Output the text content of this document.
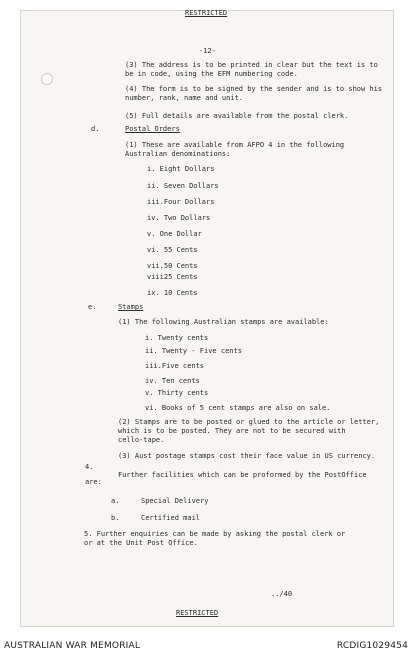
RESTRICTED
-12-
(3) The address is to be printed in clear but the text is to
be in code, using the EFM numbering code.
(4) The form is to be signed by the sender and is to show his
number, rank, name and unit.
(5) Full details are available from the postal clerk.
d.	Postal Orders
(1) These are available from AFPO 4 in the following
Australian denominations:
i. Eight Dollars
ii. Seven Dollars
iii.Four Dollars
iv. Two Dollars
v. One Dollar
vi. 55 Cents
vii.50 Cents
viii25 Cents
ix. 10 Cents
e.	Stamps
(1) The following Australian stamps are available:
i. Twenty cents
ii. Twenty - Five cents
iii.Five cents
iv. Ten cents
v. Thirty cents
vi. Books of 5 cent stamps are also on sale.
(2) Stamps are to be posted or glued to the article or letter,
which is to be posted. They are not to be secured with
cello-tape.
(3) Aust postage stamps cost their face value in US currency.
4.
Further facilities which can be proformed by the PostOffice
are:
a.	Special Delivery
b.	Certified mail
5. Further enquiries can be made by asking the postal clerk or
or at the Unit Post Office.
../40
RESTRICTED
AUSTRALIAN WAR MEMORIAL	RCDIG1029454
